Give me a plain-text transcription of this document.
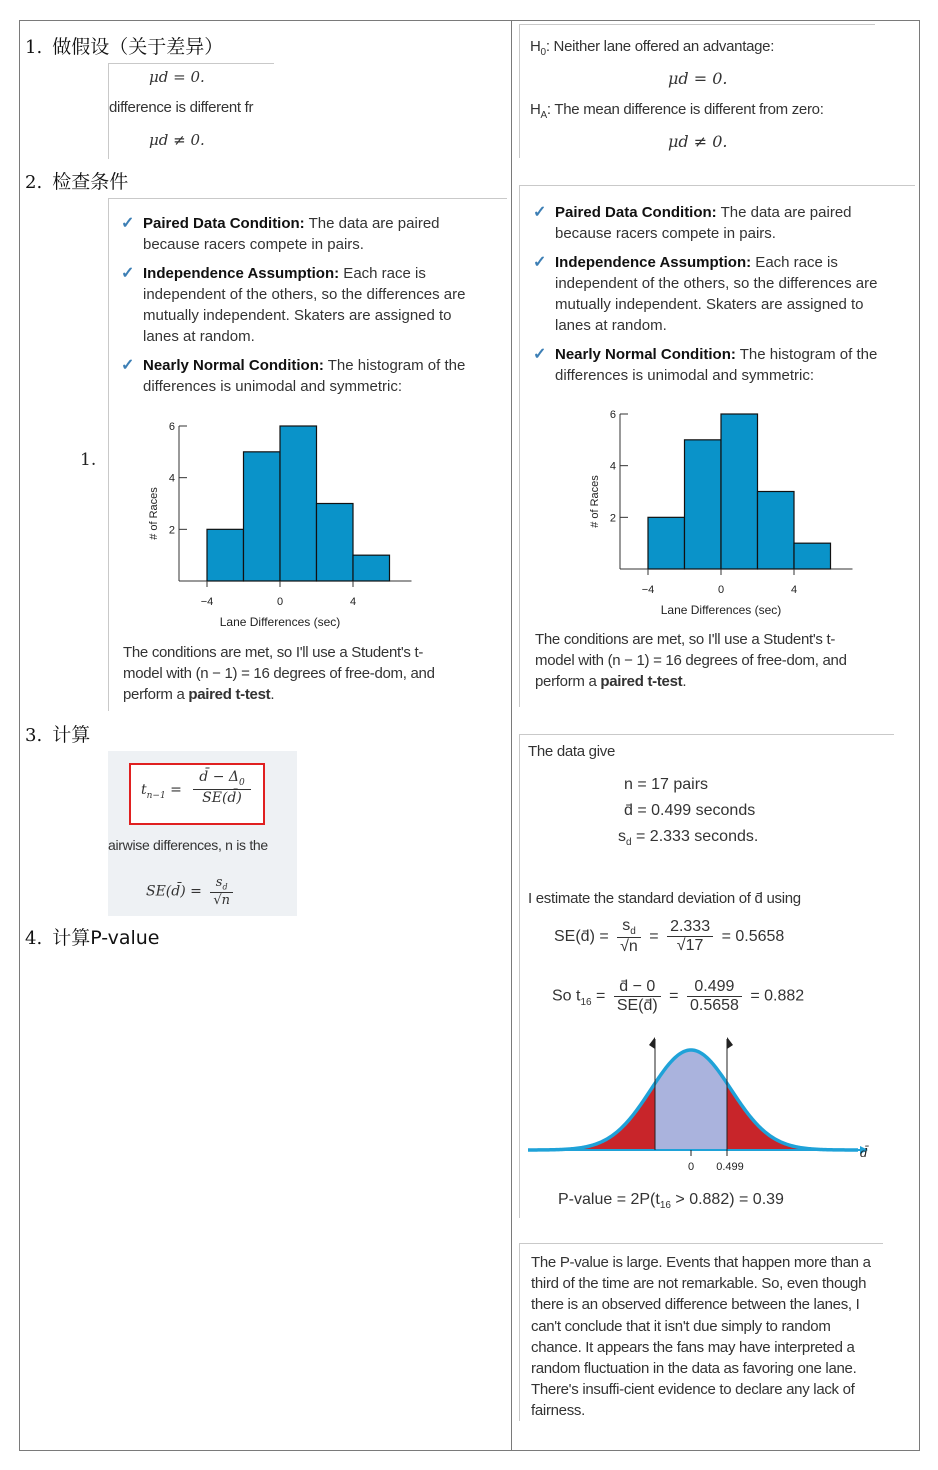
1. 做假设（关于差异）
2. 检查条件
3. 计算
4. 计算P-value
1.
μd = 0.
difference is different fr
μd ≠ 0.
$H_0$: Neither lane offered an advantage:
μd = 0.
$H_A$: The mean difference is different from zero:
μd ≠ 0.
✓ Paired Data Condition: The data are paired because racers compete in pairs.
✓ Independence Assumption: Each race is independent of the others, so the differences are mutually independent. Skaters are assigned to lanes at random.
✓ Nearly Normal Condition: The histogram of the differences is unimodal and symmetric:
2
4
6
−4	0	4
Lane Differences (sec)
# of Races
The conditions are met, so I'll use a Student's t-model with (n − 1) = 16 degrees of free-dom, and perform a paired t-test.
✓ Paired Data Condition: The data are paired because racers compete in pairs.
✓ Independence Assumption: Each race is independent of the others, so the differences are mutually independent. Skaters are assigned to lanes at random.
✓ Nearly Normal Condition: The histogram of the differences is unimodal and symmetric:
2
4
6
−4	0	4
Lane Differences (sec)
# of Races
The conditions are met, so I'll use a Student's t-model with (n − 1) = 16 degrees of free-dom, and perform a paired t-test.
$t_{n-1}$ =
d̄ − $\Delta_0$
SE(d̄)
airwise differences, n is the
SE(d̄) = $\frac{s_d}{√n}$
The data give
n = 17 pairs
d̄ = 0.499 seconds
$s_d = 2.333$ seconds.
I estimate the standard deviation of d̄ using
SE(d̄) = $\frac{s_d}{√n} = \frac{2.333}{√17} = 0.5658$
So $t_{16} = \frac{d̄ - 0}{SE(d̄)} = \frac{0.499}{0.5658} = 0.882$
0 0.499
d̄
P-value = $2P(t_{16} > 0.882) = 0.39$
The P-value is large. Events that happen more than a third of the time are not remarkable. So, even though there is an observed difference between the lanes, I can't conclude that it isn't due simply to random chance. It appears the fans may have interpreted a random fluctuation in the data as favoring one lane. There's insuffi-cient evidence to declare any lack of fairness.
